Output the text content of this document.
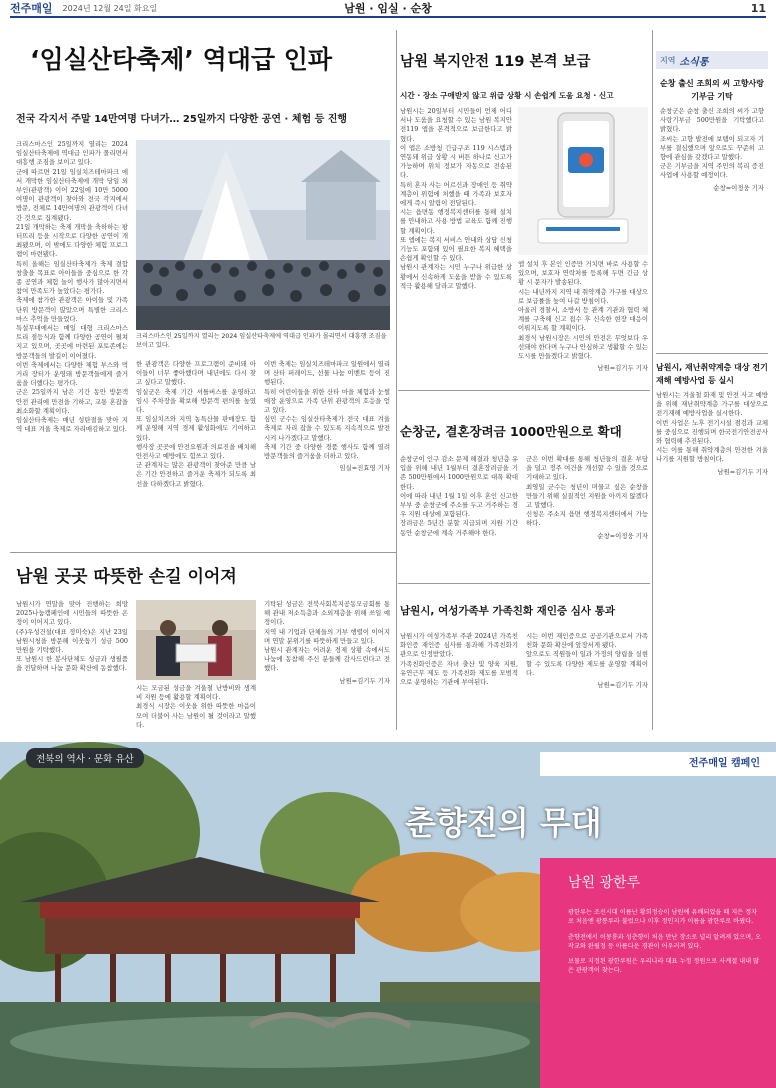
전주매일 2024년 12월 24일 화요일	남원 · 임실 · 순창	11
‘임실산타축제’ 역대급 인파
전국 각지서 주말 14만여명 다녀가… 25일까지 다양한 공연 · 체험 등 진행

크리스마스인 25일까지 열리는 2024 임실산타축제에 역대급 인파가 몰리면서 대흥행 조짐을 보이고 있다.

군에 따르면 21일 임실치즈테마파크 에서 개막한 임실산타축제에 개막 당일 외부인(관광객) 이어 22일에 10만 5000여명이 관광객이 찾아와 전국 각지에서 방문, 전체로 14만여명의 관광객이 다녀간 것으로 집계됐다.

21일 개막하는 축제 개막을 축하하는 팡 터뜨리 등을 시작으로 다양한 공연이 개최됐으며, 이 밖에도 다양한 체험 프로그램이 마련됐다.

특히 올해는 임실산타축제가 축제 결합 창출을 목표로 아이들을 중심으로 한 각종 공연과 체험 놀이 행사가 많아지면서 참여 만족도가 높았다는 평가다.

축제에 참가한 관광객은 아이들 및 가족 단위 방문객이 많았으며 특별한 크리스마스 추억을 만들었다.

특설무대에서는 매일 대형 크리스마스 트리 점등식과 함께 다양한 공연이 펼쳐지고 있으며, 곳곳에 마련된 포토존에는 방문객들의 발길이 이어졌다.

이번 축제에서는 다양한 체험 부스와 먹거리 장터가 운영돼 방문객들에게 즐거움을 더했다는 평가다.

군은 25일까지 남은 기간 동안 방문객 안전 관리에 만전을 기하고, 교통 혼잡을 최소화할 계획이다.

임실산타축제는 매년 성탄절을 맞아 지역 대표 겨울 축제로 자리매김하고 있다.

크리스마스인 25일까지 열리는 2024 임실산타축제에 역대급 인파가 몰리면서 대흥행 조짐을 보이고 있다.

한 관광객은 다양한 프로그램이 준비돼 아이들이 너무 좋아했다며 내년에도 다시 찾고 싶다고 말했다.

임실군은 축제 기간 셔틀버스를 운영하고 임시 주차장을 확보해 방문객 편의를 높였다.

또 임실치즈와 지역 농특산물 판매장도 함께 운영해 지역 경제 활성화에도 기여하고 있다.

행사장 곳곳에 안전요원과 의료진을 배치해 안전사고 예방에도 힘쓰고 있다.

군 관계자는 많은 관광객이 찾아준 만큼 남은 기간 안전하고 즐거운 축제가 되도록 최선을 다하겠다고 밝혔다.

이번 축제는 임실치즈테마파크 일원에서 열리며 산타 퍼레이드, 선물 나눔 이벤트 등이 진행된다.

특히 어린이들을 위한 산타 마을 체험과 눈썰매장 운영으로 가족 단위 관광객의 호응을 얻고 있다.

심민 군수는 임실산타축제가 전국 대표 겨울 축제로 자리 잡을 수 있도록 지속적으로 발전시켜 나가겠다고 말했다.

축제 기간 중 다양한 경품 행사도 함께 열려 방문객들의 즐거움을 더하고 있다.

임실=진효영 기자
남원 곳곳 따뜻한 손길 이어져

남원시가 연말을 맞아 진행하는 희망2025나눔캠페인에 시민들의 따뜻한 온정이 이어지고 있다.

(주)우성건설(대표 정미숙)은 지난 23일 남원시청을 방문해 이웃돕기 성금 500만원을 기탁했다.

또 남원시 한 봉사단체도 성금과 생필품을 전달하며 나눔 문화 확산에 동참했다.

시는 모금된 성금을 겨울철 난방비와 생계비 지원 등에 활용할 계획이다.

최경식 시장은 이웃을 위한 따뜻한 마음이 모여 더불어 사는 남원이 될 것이라고 말했다.

기탁된 성금은 전북사회복지공동모금회를 통해 관내 저소득층과 소외계층을 위해 쓰일 예정이다.

지역 내 기업과 단체들의 기부 행렬이 이어지며 연말 분위기를 따뜻하게 만들고 있다.

남원시 관계자는 어려운 경제 상황 속에서도 나눔에 동참해 주신 분들께 감사드린다고 전했다.

남원=김기두 기자
남원 복지안전 119 본격 보급
시간 · 장소 구애받지 않고 위급 상황 시 손쉽게 도움 요청 · 신고

남원시는 20일부터 시민들이 언제 어디서나 도움을 요청할 수 있는 남원 복지안전119 앱을 본격적으로 보급한다고 밝혔다.

이 앱은 소방청 긴급구조 119 시스템과 연동돼 위급 상황 시 버튼 하나로 신고가 가능하며 위치 정보가 자동으로 전송된다.

특히 혼자 사는 어르신과 장애인 등 취약계층이 위험에 처했을 때 가족과 보호자에게 즉시 알림이 전달된다.

시는 읍면동 행정복지센터를 통해 설치를 안내하고 사용 방법 교육도 함께 진행할 계획이다.

또 앱에는 복지 서비스 안내와 상담 신청 기능도 포함돼 있어 필요한 복지 혜택을 손쉽게 확인할 수 있다.

남원시 관계자는 시민 누구나 위급한 상황에서 신속하게 도움을 받을 수 있도록 적극 활용해 달라고 말했다.

앱 설치 후 본인 인증만 거치면 바로 사용할 수 있으며, 보호자 연락처를 등록해 두면 긴급 상황 시 문자가 발송된다.

시는 내년까지 지역 내 취약계층 가구를 대상으로 보급률을 높여 나갈 방침이다.

아울러 경찰서, 소방서 등 관계 기관과 협력 체계를 구축해 신고 접수 후 신속한 현장 대응이 이뤄지도록 할 계획이다.

최경식 남원시장은 시민의 안전은 무엇보다 우선돼야 한다며 누구나 안심하고 생활할 수 있는 도시를 만들겠다고 밝혔다.

남원=김기두 기자
순창군, 결혼장려금 1000만원으로 확대

순창군이 인구 감소 문제 해결과 청년층 유입을 위해 내년 1월부터 결혼장려금을 기존 500만원에서 1000만원으로 대폭 확대한다.

이에 따라 내년 1월 1일 이후 혼인 신고한 부부 중 순창군에 주소를 두고 거주하는 경우 지원 대상에 포함된다.

장려금은 5년간 분할 지급되며 지원 기간 동안 순창군에 계속 거주해야 한다.

군은 이번 확대를 통해 청년들의 결혼 부담을 덜고 정주 여건을 개선할 수 있을 것으로 기대하고 있다.

최영일 군수는 청년이 머물고 싶은 순창을 만들기 위해 실질적인 지원을 아끼지 않겠다고 말했다.

신청은 주소지 읍면 행정복지센터에서 가능하다.

순창=이정웅 기자
남원시, 여성가족부 가족친화 재인증 심사 통과

남원시가 여성가족부 주관 2024년 가족친화인증 재인증 심사를 통과해 가족친화기관으로 인정받았다.

가족친화인증은 자녀 출산 및 양육 지원, 유연근무 제도 등 가족친화 제도를 모범적으로 운영하는 기관에 부여된다.

시는 이번 재인증으로 공공기관으로서 가족친화 문화 확산에 앞장서게 됐다.

앞으로도 직원들이 일과 가정의 양립을 실현할 수 있도록 다양한 제도를 운영할 계획이다.

남원=김기두 기자
지역 소식통
순창 출신 조희의 씨 고향사랑기부금 기탁

순창군은 순창 출신 조희의 씨가 고향사랑기부금 500만원을 기탁했다고 밝혔다.

조씨는 고향 발전에 보탬이 되고자 기부를 결심했으며 앞으로도 꾸준히 고향에 관심을 갖겠다고 말했다.

군은 기부금을 지역 주민의 복리 증진 사업에 사용할 예정이다.

순창=이정웅 기자
남원시, 재난취약계층 대상 전기재해 예방사업 등 실시

남원시는 겨울철 화재 및 안전 사고 예방을 위해 재난취약계층 가구를 대상으로 전기재해 예방사업을 실시한다.

이번 사업은 노후 전기시설 점검과 교체를 중심으로 진행되며 한국전기안전공사와 협력해 추진된다.

시는 이를 통해 취약계층의 안전한 겨울나기를 지원할 방침이다.

남원=김기두 기자
전북의 역사 · 문화 유산	전주매일 캠페인
춘향전의 무대
남원 광한루

광한루는 조선시대 이름난 황희정승이 남원에 유배되었을 때 지은 정자로 처음엔 광통루라 불렀으나 이후 정인지가 이름을 광한루로 바꿨다.

춘향전에서 이몽룡과 성춘향이 처음 만난 장소로 널리 알려져 있으며, 오작교와 완월정 등 아름다운 경관이 어우러져 있다.

보물로 지정된 광한루원은 우리나라 대표 누정 정원으로 사계절 내내 많은 관광객이 찾는다.
